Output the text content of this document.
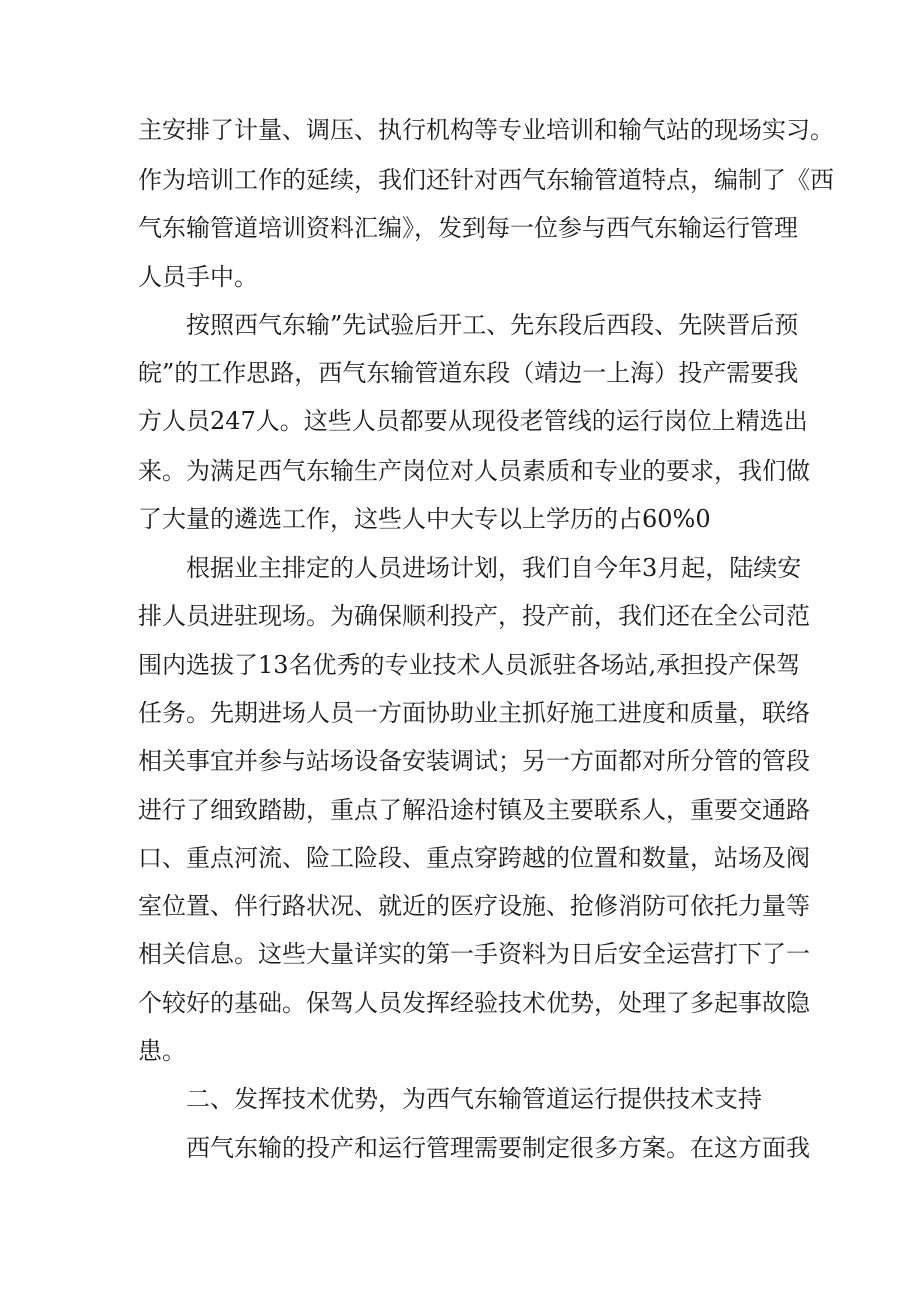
主安排了计量、调压、执行机构等专业培训和输气站的现场实习。
作为培训工作的延续，我们还针对西气东输管道特点，编制了《西
气东输管道培训资料汇编》，发到每一位参与西气东输运行管理
人员手中。
按照西气东输”先试验后开工、先东段后西段、先陕晋后预
皖”的工作思路，西气东输管道东段（靖边一上海）投产需要我
方人员247人。这些人员都要从现役老管线的运行岗位上精选出
来。为满足西气东输生产岗位对人员素质和专业的要求，我们做
了大量的遴选工作，这些人中大专以上学历的占60%0
根据业主排定的人员进场计划，我们自今年3月起，陆续安
排人员进驻现场。为确保顺利投产，投产前，我们还在全公司范
围内选拔了13名优秀的专业技术人员派驻各场站,承担投产保驾
任务。先期进场人员一方面协助业主抓好施工进度和质量，联络
相关事宜并参与站场设备安装调试；另一方面都对所分管的管段
进行了细致踏勘，重点了解沿途村镇及主要联系人，重要交通路
口、重点河流、险工险段、重点穿跨越的位置和数量，站场及阀
室位置、伴行路状况、就近的医疗设施、抢修消防可依托力量等
相关信息。这些大量详实的第一手资料为日后安全运营打下了一
个较好的基础。保驾人员发挥经验技术优势，处理了多起事故隐
患。
二、发挥技术优势，为西气东输管道运行提供技术支持
西气东输的投产和运行管理需要制定很多方案。在这方面我
